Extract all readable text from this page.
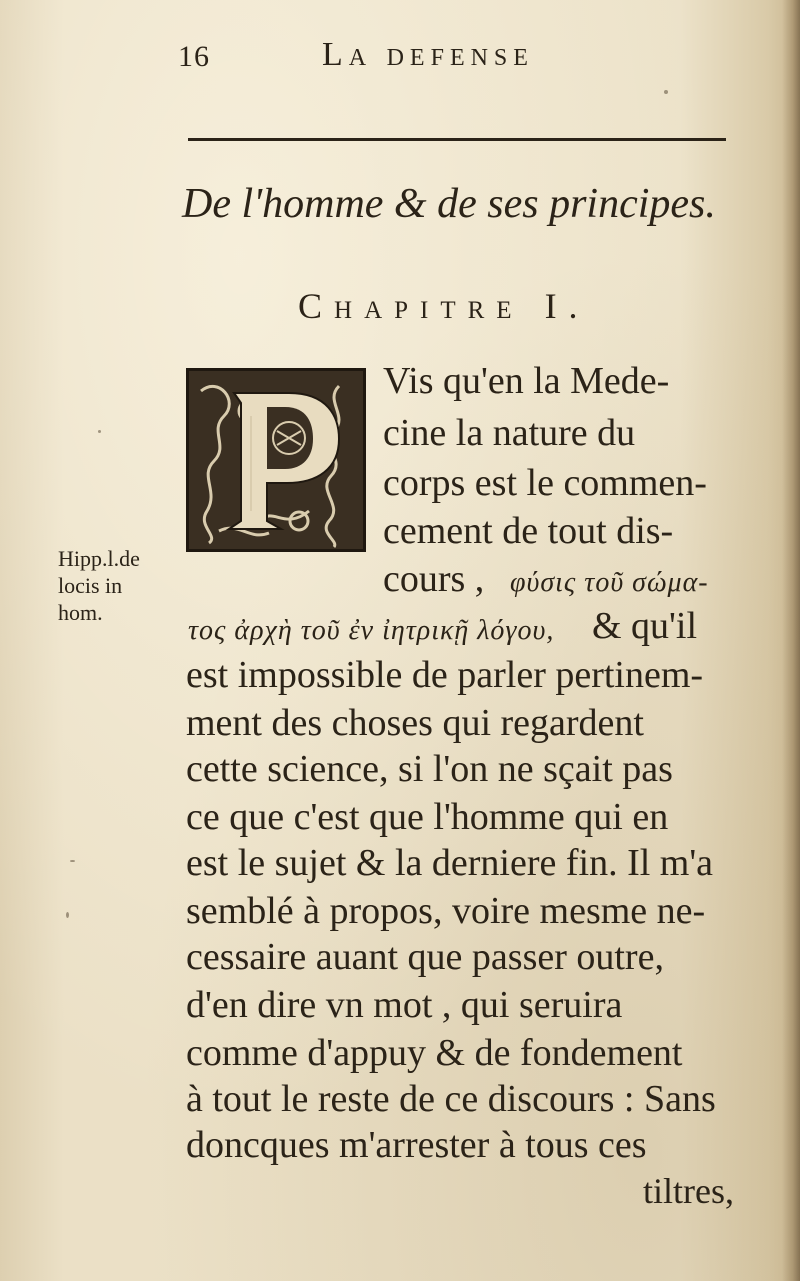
16	La defense
De l'homme & de ses principes.
Chapitre I.
Hipp.l.de
locis in
hom.
Vis qu'en la Mede-
cine la nature du
corps est le commen-
cement de tout dis-
cours , φύσις τοῦ σώμα-
τος ἀρχὴ τοῦ ἐν ἰητρικῇ λόγου, & qu'il
est impossible de parler pertinem-
ment des choses qui regardent
cette science, si l'on ne sçait pas
ce que c'est que l'homme qui en
est le sujet & la derniere fin. Il m'a
semblé à propos, voire mesme ne-
cessaire auant que passer outre,
d'en dire vn mot , qui seruira
comme d'appuy & de fondement
à tout le reste de ce discours : Sans
doncques m'arrester à tous ces
tiltres,
